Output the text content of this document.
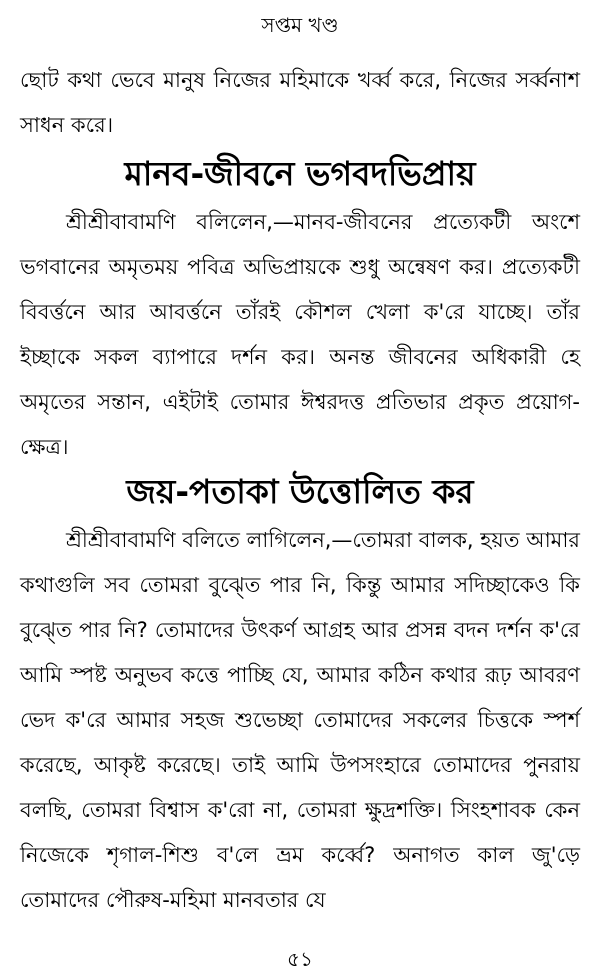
সপ্তম খণ্ড
ছোট কথা ভেবে মানুষ নিজের মহিমাকে খর্ব্ব করে, নিজের সর্ব্বনাশ সাধন করে।
মানব-জীবনে ভগবদভিপ্রায়
শ্রীশ্রীবাবামণি বলিলেন,—মানব-জীবনের প্রত্যেকটী অংশে ভগবানের অমৃতময় পবিত্র অভিপ্রায়কে শুধু অন্বেষণ কর। প্রত্যেকটী বিবর্ত্তনে আর আবর্ত্তনে তাঁরই কৌশল খেলা ক'রে যাচ্ছে। তাঁর ইচ্ছাকে সকল ব্যাপারে দর্শন কর। অনন্ত জীবনের অধিকারী হে অমৃতের সন্তান, এইটাই তোমার ঈশ্বরদত্ত প্রতিভার প্রকৃত প্রয়োগ-ক্ষেত্র।
জয়-পতাকা উত্তোলিত কর
শ্রীশ্রীবাবামণি বলিতে লাগিলেন,—তোমরা বালক, হয়ত আমার কথাগুলি সব তোমরা বুঝ্তে পার নি, কিন্তু আমার সদিচ্ছাকেও কি বুঝ্তে পার নি? তোমাদের উৎকর্ণ আগ্রহ আর প্রসন্ন বদন দর্শন ক'রে আমি স্পষ্ট অনুভব কত্তে পাচ্ছি যে, আমার কঠিন কথার রূঢ় আবরণ ভেদ ক'রে আমার সহজ শুভেচ্ছা তোমাদের সকলের চিত্তকে স্পর্শ করেছে, আকৃষ্ট করেছে। তাই আমি উপসংহারে তোমাদের পুনরায় বলছি, তোমরা বিশ্বাস ক'রো না, তোমরা ক্ষুদ্রশক্তি। সিংহশাবক কেন নিজেকে শৃগাল-শিশু ব'লে ভ্রম কর্ব্বে? অনাগত কাল জু'ড়ে তোমাদের পৌরুষ-মহিমা মানবতার যে
৫১
